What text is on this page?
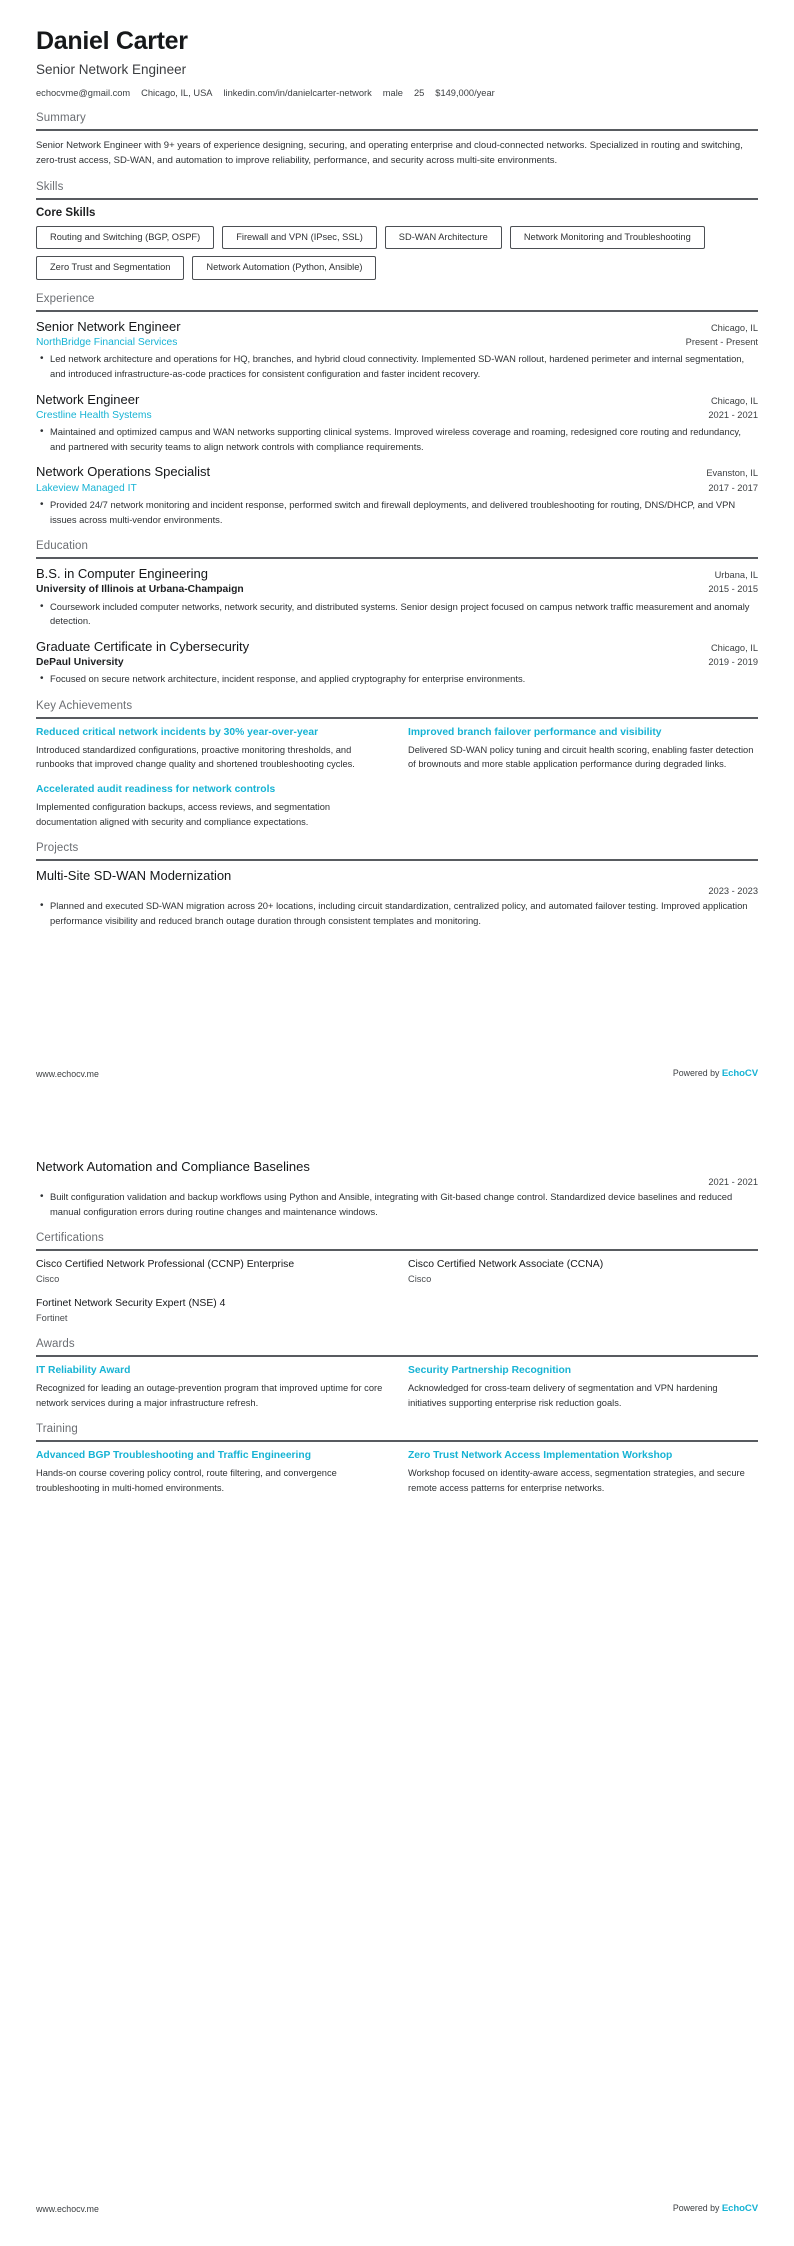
Daniel Carter
Senior Network Engineer
echocvme@gmail.com Chicago, IL, USA linkedin.com/in/danielcarter-network male 25 $149,000/year
Summary

Senior Network Engineer with 9+ years of experience designing, securing, and operating enterprise and cloud-connected networks. Specialized in routing and switching, zero-trust access, SD-WAN, and automation to improve reliability, performance, and security across multi-site environments.

Skills
Core Skills
Routing and Switching (BGP, OSPF)	Firewall and VPN (IPsec, SSL)	SD-WAN Architecture	Network Monitoring and Troubleshooting
Zero Trust and Segmentation	Network Automation (Python, Ansible)
Experience
Senior Network Engineer	Chicago, IL
NorthBridge Financial Services	Present - Present
• Led network architecture and operations for HQ, branches, and hybrid cloud connectivity. Implemented SD-WAN rollout, hardened perimeter and internal segmentation, and introduced infrastructure-as-code practices for consistent configuration and faster incident recovery.
Network Engineer	Chicago, IL
Crestline Health Systems	2021 - 2021
• Maintained and optimized campus and WAN networks supporting clinical systems. Improved wireless coverage and roaming, redesigned core routing and redundancy, and partnered with security teams to align network controls with compliance requirements.
Network Operations Specialist	Evanston, IL
Lakeview Managed IT	2017 - 2017
• Provided 24/7 network monitoring and incident response, performed switch and firewall deployments, and delivered troubleshooting for routing, DNS/DHCP, and VPN issues across multi-vendor environments.
Education
B.S. in Computer Engineering	Urbana, IL
University of Illinois at Urbana-Champaign	2015 - 2015
• Coursework included computer networks, network security, and distributed systems. Senior design project focused on campus network traffic measurement and anomaly detection.
Graduate Certificate in Cybersecurity	Chicago, IL
DePaul University	2019 - 2019
• Focused on secure network architecture, incident response, and applied cryptography for enterprise environments.
Key Achievements
Reduced critical network incidents by 30% year-over-year
Introduced standardized configurations, proactive monitoring thresholds, and runbooks that improved change quality and shortened troubleshooting cycles.
Improved branch failover performance and visibility
Delivered SD-WAN policy tuning and circuit health scoring, enabling faster detection of brownouts and more stable application performance during degraded links.
Accelerated audit readiness for network controls
Implemented configuration backups, access reviews, and segmentation documentation aligned with security and compliance expectations.
Projects
Multi-Site SD-WAN Modernization
2023 - 2023
• Planned and executed SD-WAN migration across 20+ locations, including circuit standardization, centralized policy, and automated failover testing. Improved application performance visibility and reduced branch outage duration through consistent templates and monitoring.
www.echocv.me	Powered by EchoCV
Network Automation and Compliance Baselines
2021 - 2021
• Built configuration validation and backup workflows using Python and Ansible, integrating with Git-based change control. Standardized device baselines and reduced manual configuration errors during routine changes and maintenance windows.
Certifications
Cisco Certified Network Professional (CCNP) Enterprise
Cisco
Cisco Certified Network Associate (CCNA)
Cisco
Fortinet Network Security Expert (NSE) 4
Fortinet
Awards
IT Reliability Award
Recognized for leading an outage-prevention program that improved uptime for core network services during a major infrastructure refresh.
Security Partnership Recognition
Acknowledged for cross-team delivery of segmentation and VPN hardening initiatives supporting enterprise risk reduction goals.
Training
Advanced BGP Troubleshooting and Traffic Engineering
Hands-on course covering policy control, route filtering, and convergence troubleshooting in multi-homed environments.
Zero Trust Network Access Implementation Workshop
Workshop focused on identity-aware access, segmentation strategies, and secure remote access patterns for enterprise networks.
www.echocv.me	Powered by EchoCV
